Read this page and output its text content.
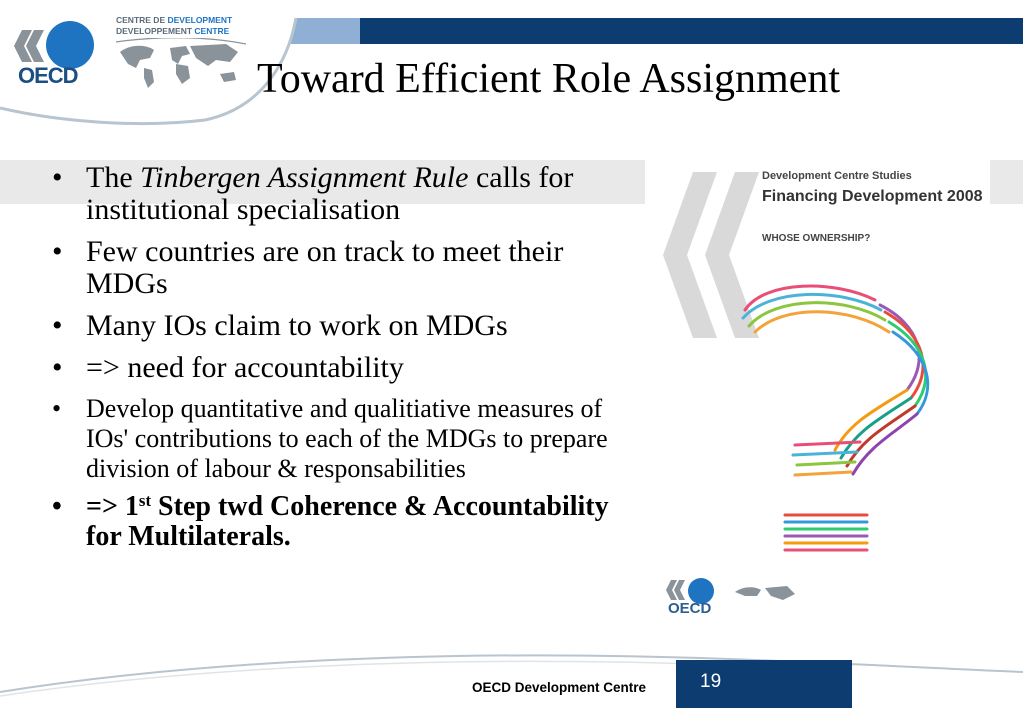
OECD
CENTRE DE DEVELOPMENT
DEVELOPPEMENT CENTRE
Toward Efficient Role Assignment
• The Tinbergen Assignment Rule calls for institutional specialisation
• Few countries are on track to meet their MDGs
• Many IOs claim to work on MDGs
• => need for accountability
• Develop quantitative and qualitiative measures of IOs' contributions to each of the MDGs to prepare division of labour & responsabilities
• => 1st Step twd Coherence & Accountability for Multilaterals.
Development Centre Studies
Financing Development 2008
WHOSE OWNERSHIP?
OECD
19
OECD Development Centre
